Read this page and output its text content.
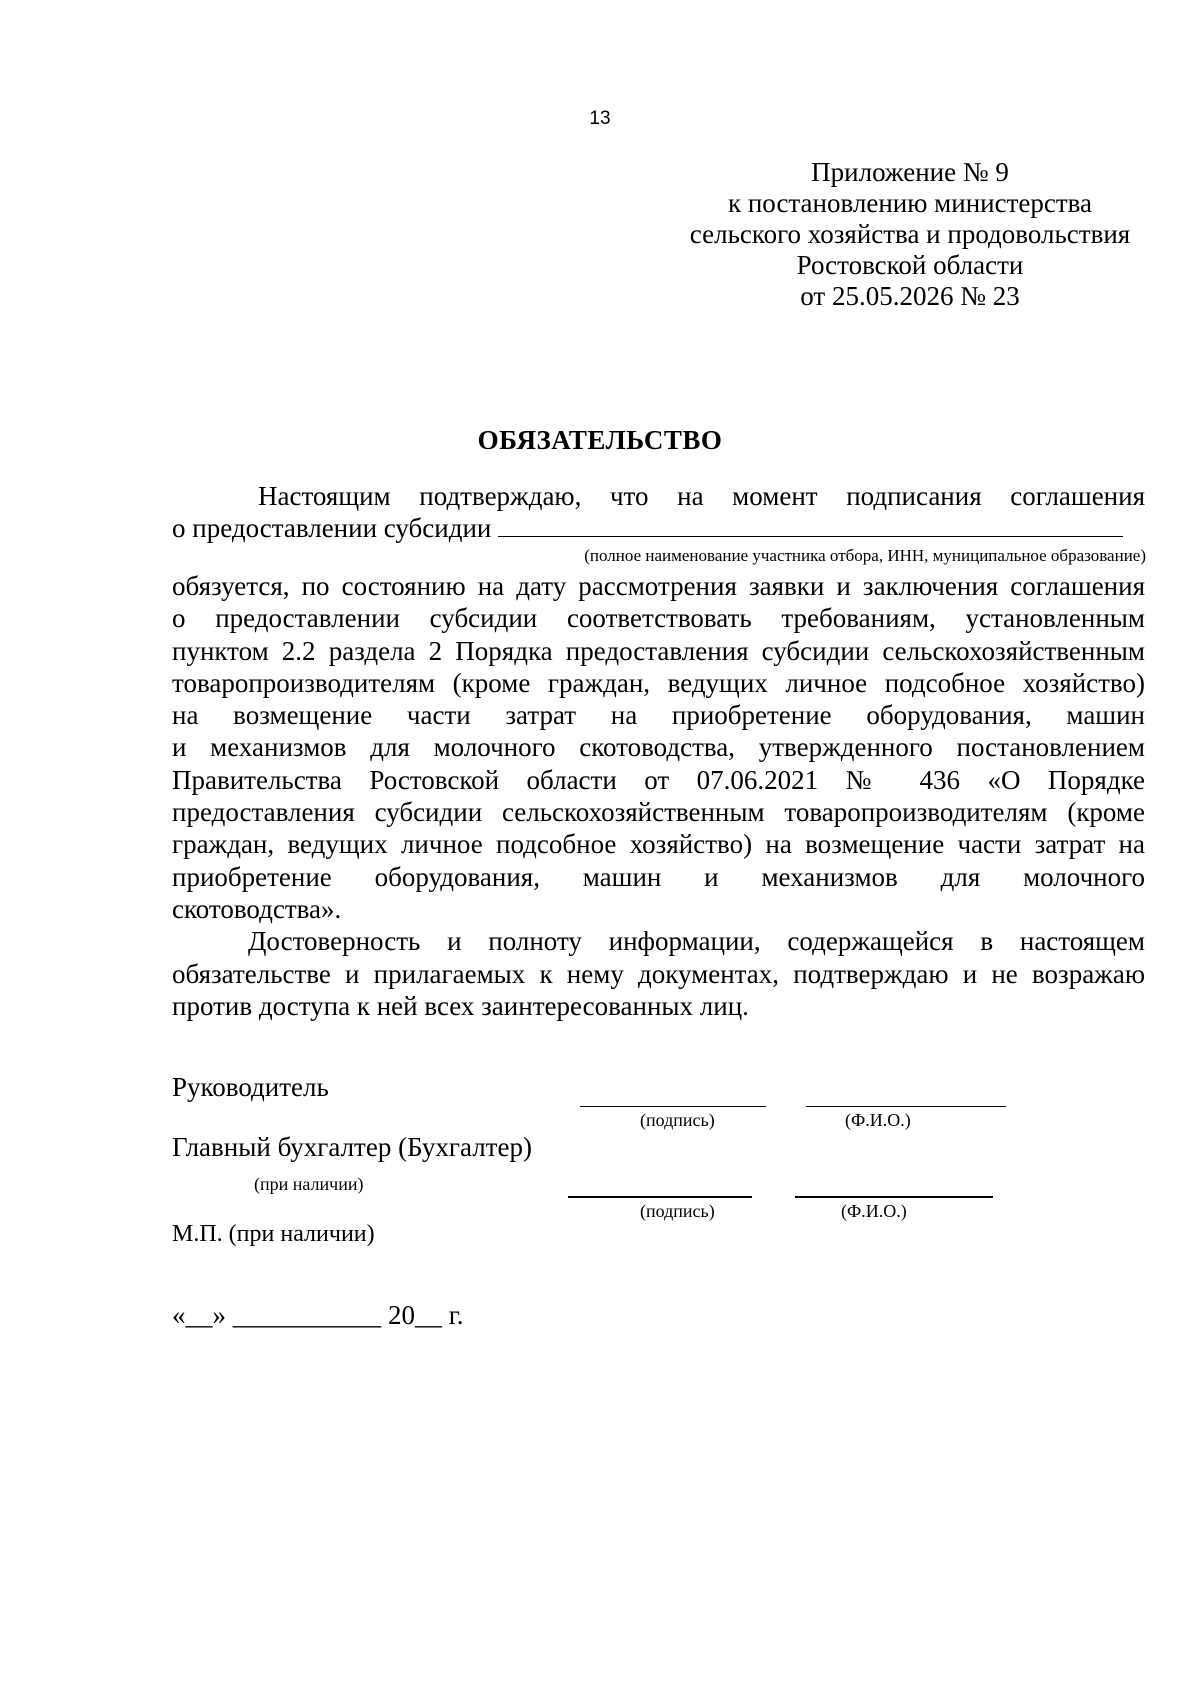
13
Приложение № 9
к постановлению министерства
сельского хозяйства и продовольствия
Ростовской области
от 25.05.2026 № 23
ОБЯЗАТЕЛЬСТВО
Настоящим подтверждаю, что на момент подписания соглашения
о предоставлении субсидии
(полное наименование участника отбора, ИНН, муниципальное образование)
обязуется, по состоянию на дату рассмотрения заявки и заключения соглашения
о предоставлении субсидии соответствовать требованиям, установленным
пунктом 2.2 раздела 2 Порядка предоставления субсидии сельскохозяйственным
товаропроизводителям (кроме граждан, ведущих личное подсобное хозяйство)
на возмещение части затрат на приобретение оборудования, машин
и механизмов для молочного скотоводства, утвержденного постановлением
Правительства Ростовской области от 07.06.2021 № 436 «О Порядке
предоставления субсидии сельскохозяйственным товаропроизводителям (кроме
граждан, ведущих личное подсобное хозяйство) на возмещение части затрат на
приобретение оборудования, машин и механизмов для молочного
скотоводства».
Достоверность и полноту информации, содержащейся в настоящем
обязательстве и прилагаемых к нему документах, подтверждаю и не возражаю
против доступа к ней всех заинтересованных лиц.
Руководитель
(подпись)	(Ф.И.О.)
Главный бухгалтер (Бухгалтер)
(при наличии)
(подпись)	(Ф.И.О.)
М.П. (при наличии)
«__» ___________ 20__ г.
